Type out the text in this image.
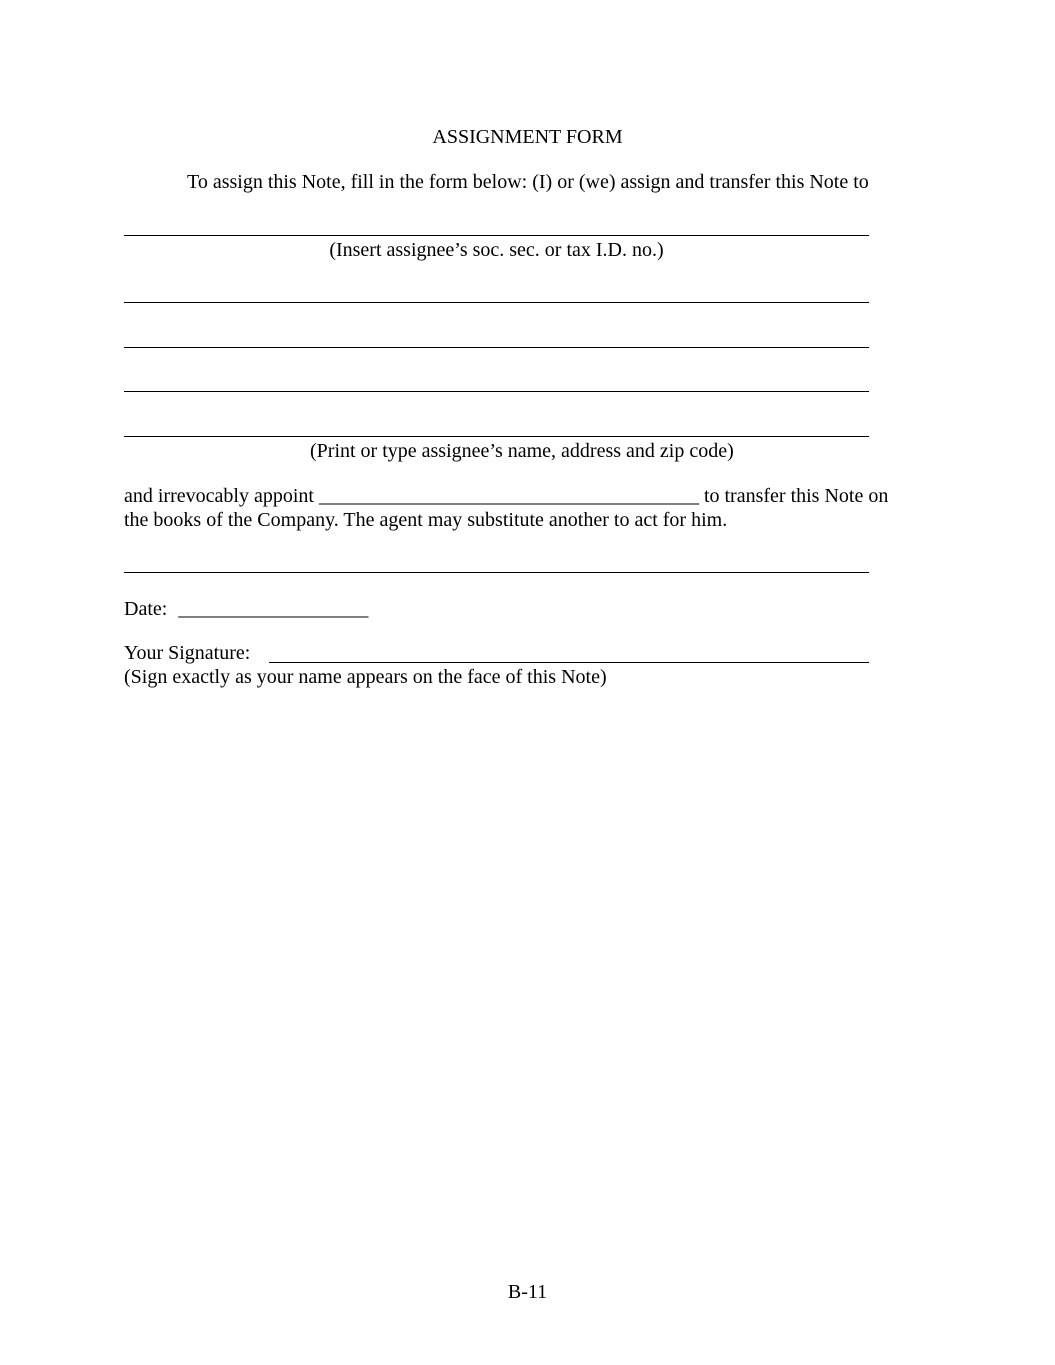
ASSIGNMENT FORM
To assign this Note, fill in the form below: (I) or (we) assign and transfer this Note to
(Insert assignee’s soc. sec. or tax I.D. no.)
(Print or type assignee’s name, address and zip code)
and irrevocably appoint ______________________________________ to transfer this Note on
the books of the Company. The agent may substitute another to act for him.
Date: ___________________
Your Signature:
(Sign exactly as your name appears on the face of this Note)
B-11
